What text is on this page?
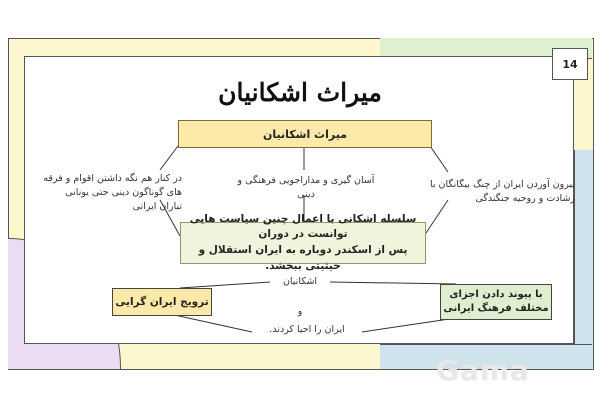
14
میراث اشکانیان
میراث اشکانیان
بیرون آوردن ایران از چنگ بیگانگان با رشادت و روحیه جنگندگی
آسان گیری و مداراجویی فرهنگی و دینی
در کنار هم نگه داشتن اقوام و فرقه های گوناگون دینی حتی یونانی تباران ایرانی
سلسله اشکانی با اعمال چنین سیاست هایی توانست در دوران
پس از اسکندر دوباره به ایران استقلال و حیثیتی ببخشد.
اشکانیان
و
ایران را احیا کردند.
با پیوند دادن اجزای
مختلف فرهنگ ایرانی
ترویج ایران گرایی
Gama
